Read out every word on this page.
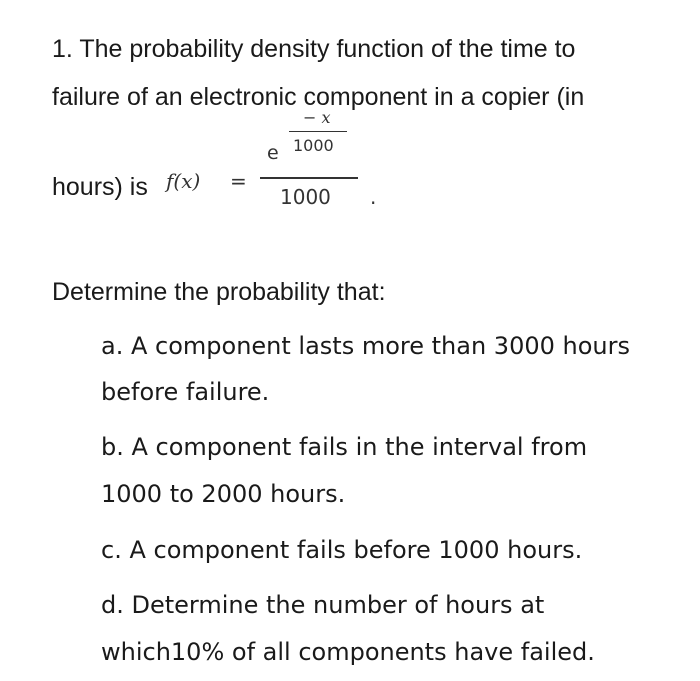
1. The probability density function of the time to
failure of an electronic component in a copier (in
hours) is f(x) =
e
− x
1000
1000 .
Determine the probability that:
a. A component lasts more than 3000 hours
before failure.
b. A component fails in the interval from
1000 to 2000 hours.
c. A component fails before 1000 hours.
d. Determine the number of hours at
which10% of all components have failed.
